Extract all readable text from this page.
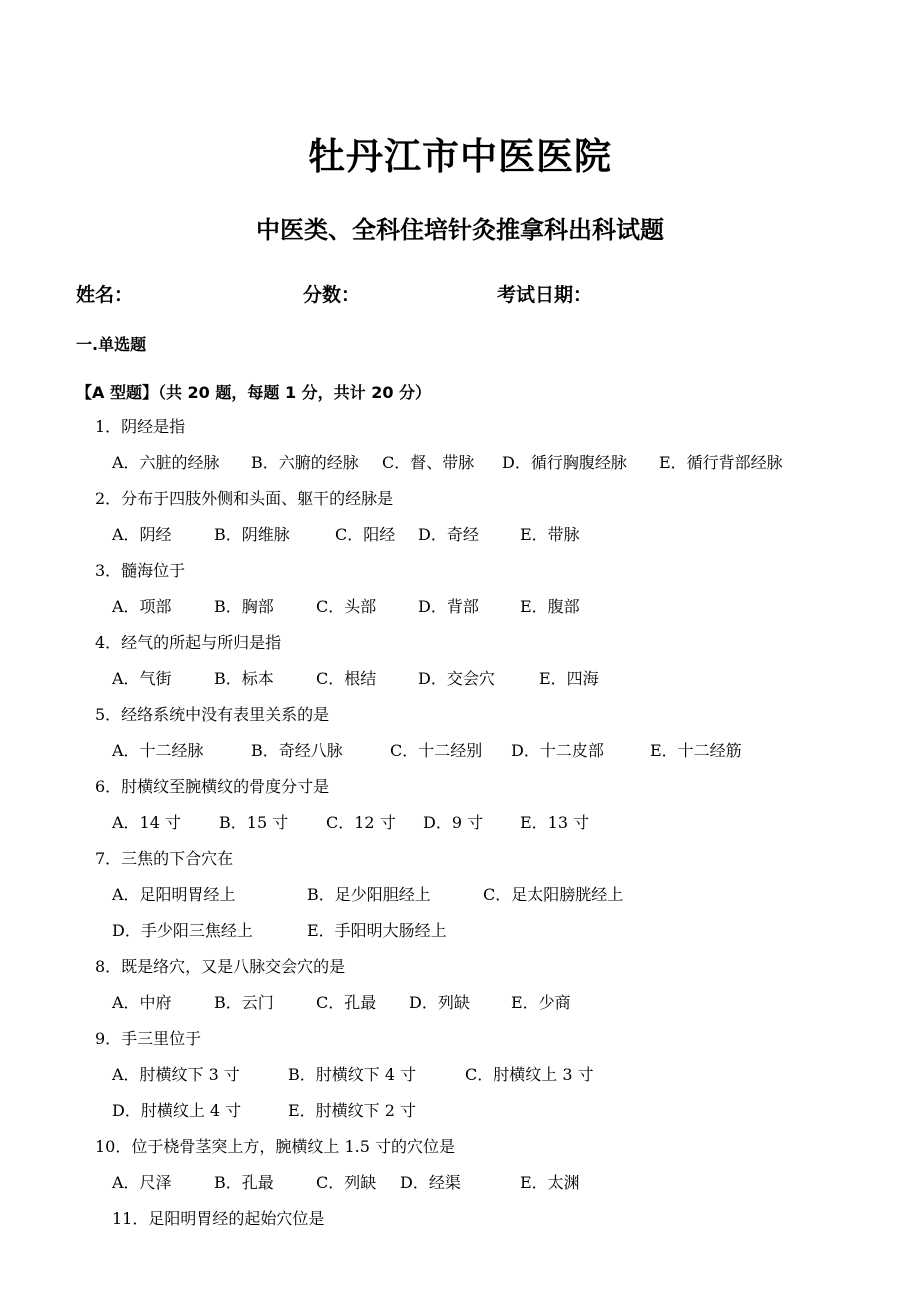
牡丹江市中医医院
中医类、全科住培针灸推拿科出科试题
姓名：	分数：	考试日期：
一.单选题
【A 型题】（共 20 题，每题 1 分，共计 20 分）
1．阴经是指
A．六脏的经脉 B．六腑的经脉 C．督、带脉 D．循行胸腹经脉 E．循行背部经脉
2．分布于四肢外侧和头面、躯干的经脉是
A．阴经	B．阴维脉	C．阳经 D．奇经	E．带脉
3．髓海位于
A．项部	B．胸部	C．头部	D．背部	E．腹部
4．经气的所起与所归是指
A．气街	B．标本	C．根结	D．交会穴	E．四海
5．经络系统中没有表里关系的是
A．十二经脉	B．奇经八脉	C．十二经别 D．十二皮部	E．十二经筋
6．肘横纹至腕横纹的骨度分寸是
A．14 寸 B．15 寸 C．12 寸 D．9 寸 E．13 寸
7．三焦的下合穴在
A．足阳明胃经上	B．足少阳胆经上	C．足太阳膀胱经上
D．手少阳三焦经上	E．手阳明大肠经上
8．既是络穴，又是八脉交会穴的是
A．中府	B．云门	C．孔最 D．列缺	E．少商
9．手三里位于
A．肘横纹下 3 寸	B．肘横纹下 4 寸	C．肘横纹上 3 寸
D．肘横纹上 4 寸	E．肘横纹下 2 寸
10．位于桡骨茎突上方，腕横纹上 1.5 寸的穴位是
A．尺泽	B．孔最	C．列缺 D．经渠	E．太渊
11．足阳明胃经的起始穴位是
